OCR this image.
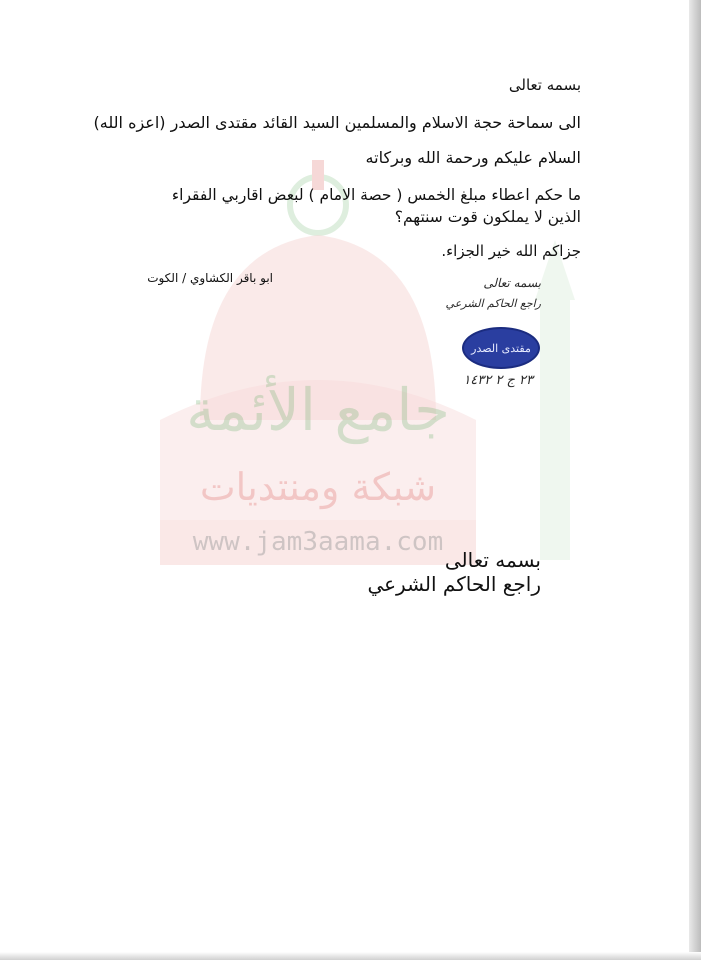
جامع الأئمة
شبكة ومنتديات
www.jam3aama.com
بسمه تعالى
الى سماحة حجة الاسلام والمسلمين السيد القائد مقتدى الصدر (اعزه الله)
السلام عليكم ورحمة الله وبركاته
ما حكم اعطاء مبلغ الخمس ( حصة الامام ) لبعض اقاربي الفقراء الذين لا يملكون قوت سنتهم؟
جزاكم الله خير الجزاء.
ابو باقر الكشاوي / الكوت	بسمه تعالى
راجع الحاكم الشرعي
مقتدى الصدر
٢٣ ج ٢ ١٤٣٢
بسمه تعالى
راجع الحاكم الشرعي
